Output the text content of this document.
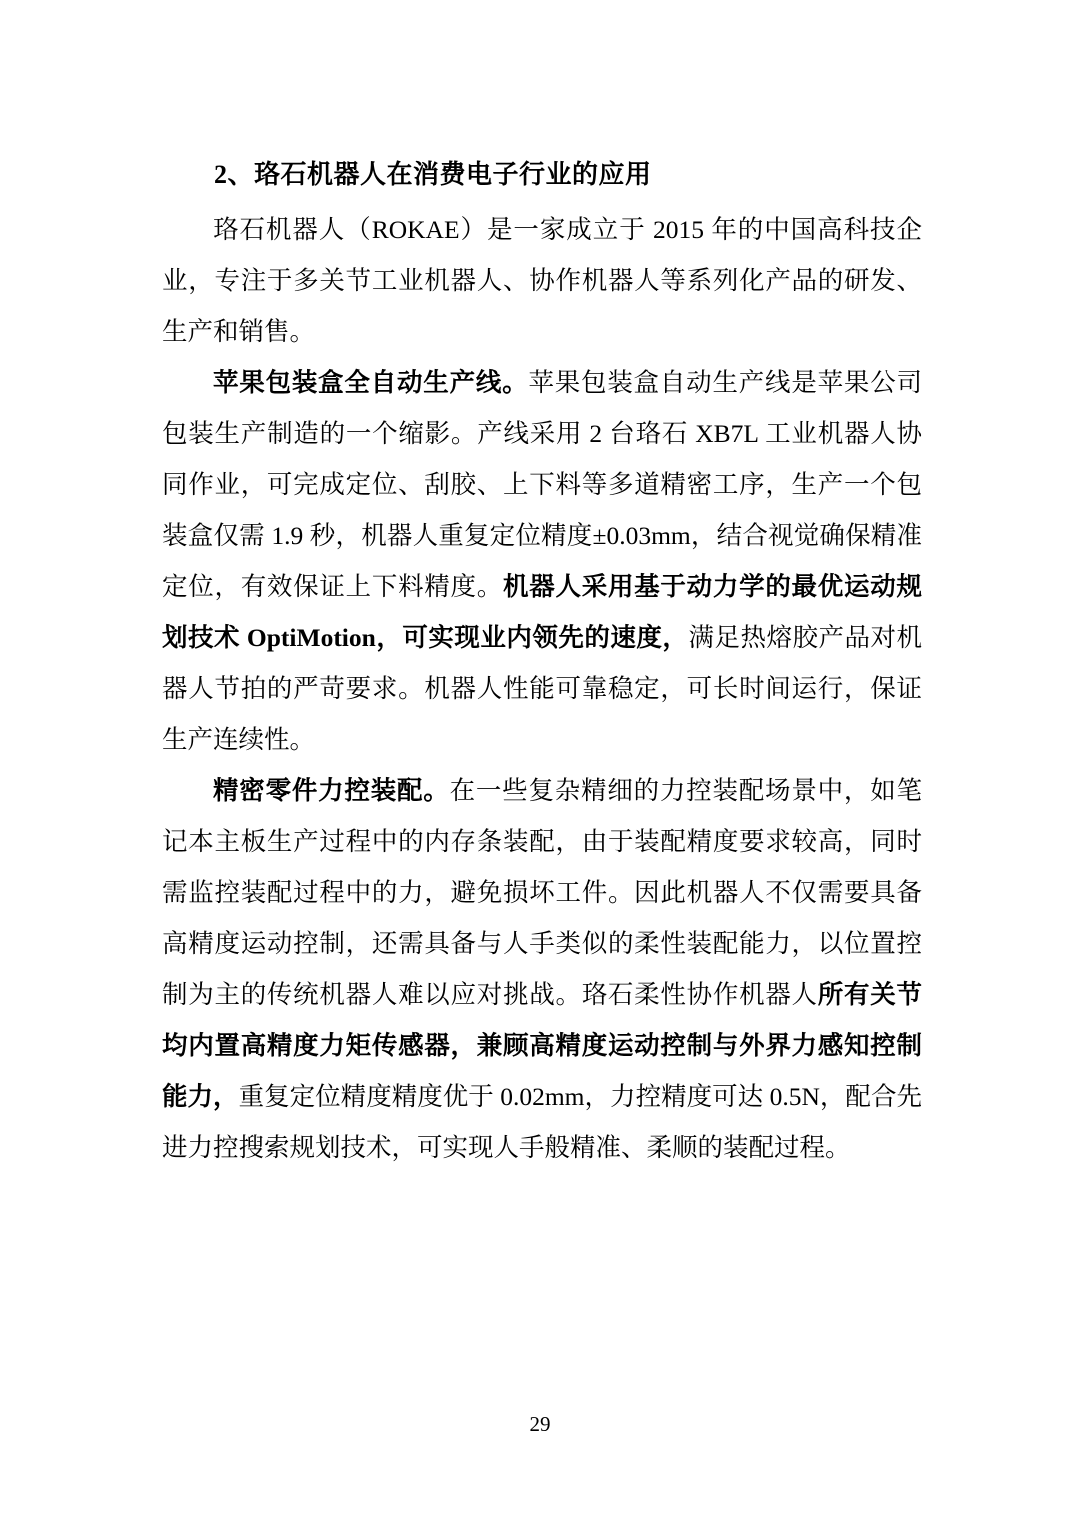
2、珞石机器人在消费电子行业的应用

珞石机器人（ROKAE）是一家成立于 2015 年的中国高科技企业，专注于多关节工业机器人、协作机器人等系列化产品的研发、生产和销售。

苹果包装盒全自动生产线。苹果包装盒自动生产线是苹果公司包装生产制造的一个缩影。产线采用 2 台珞石 XB7L 工业机器人协同作业，可完成定位、刮胶、上下料等多道精密工序，生产一个包装盒仅需 1.9 秒，机器人重复定位精度±0.03mm，结合视觉确保精准定位，有效保证上下料精度。机器人采用基于动力学的最优运动规划技术 OptiMotion，可实现业内领先的速度，满足热熔胶产品对机器人节拍的严苛要求。机器人性能可靠稳定，可长时间运行，保证生产连续性。

精密零件力控装配。在一些复杂精细的力控装配场景中，如笔记本主板生产过程中的内存条装配，由于装配精度要求较高，同时需监控装配过程中的力，避免损坏工件。因此机器人不仅需要具备高精度运动控制，还需具备与人手类似的柔性装配能力，以位置控制为主的传统机器人难以应对挑战。珞石柔性协作机器人所有关节均内置高精度力矩传感器，兼顾高精度运动控制与外界力感知控制能力，重复定位精度精度优于 0.02mm，力控精度可达 0.5N，配合先进力控搜索规划技术，可实现人手般精准、柔顺的装配过程。

29
